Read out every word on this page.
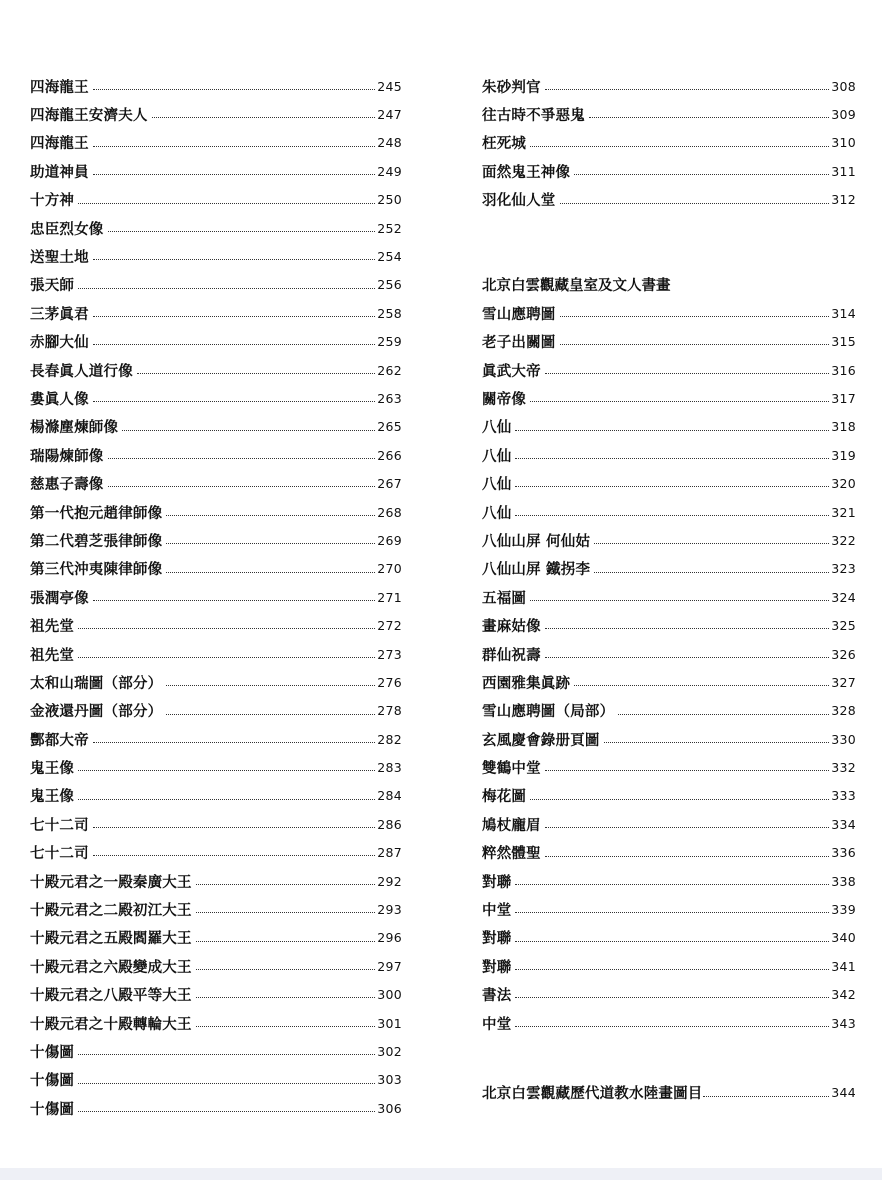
四海龍王	245
四海龍王安濟夫人	247
四海龍王	248
助道神員	249
十方神	250
忠臣烈女像	252
送聖土地	254
張天師	256
三茅眞君	258
赤腳大仙	259
長春眞人道行像	262
婁眞人像	263
楊滌塵煉師像	265
瑞陽煉師像	266
慈惠子壽像	267
第一代抱元趙律師像	268
第二代碧芝張律師像	269
第三代沖夷陳律師像	270
張潤亭像	271
祖先堂	272
祖先堂	273
太和山瑞圖（部分）	276
金液還丹圖（部分）	278
酆都大帝	282
鬼王像	283
鬼王像	284
七十二司	286
七十二司	287
十殿元君之一殿秦廣大王	292
十殿元君之二殿初江大王	293
十殿元君之五殿閻羅大王	296
十殿元君之六殿變成大王	297
十殿元君之八殿平等大王	300
十殿元君之十殿轉輪大王	301
十傷圖	302
十傷圖	303
十傷圖	306
朱砂判官	308
往古時不爭惡鬼	309
枉死城	310
面然鬼王神像	311
羽化仙人堂	312
北京白雲觀藏皇室及文人書畫
雪山應聘圖	314
老子出關圖	315
眞武大帝	316
關帝像	317
八仙	318
八仙	319
八仙	320
八仙	321
八仙山屏 何仙姑	322
八仙山屏 鐵拐李	323
五福圖	324
畫麻姑像	325
群仙祝壽	326
西園雅集眞跡	327
雪山應聘圖（局部）	328
玄風慶會錄册頁圖	330
雙鶴中堂	332
梅花圖	333
鳩杖龐眉	334
粹然體聖	336
對聯	338
中堂	339
對聯	340
對聯	341
書法	342
中堂	343
北京白雲觀藏歷代道教水陸畫圖目	344
